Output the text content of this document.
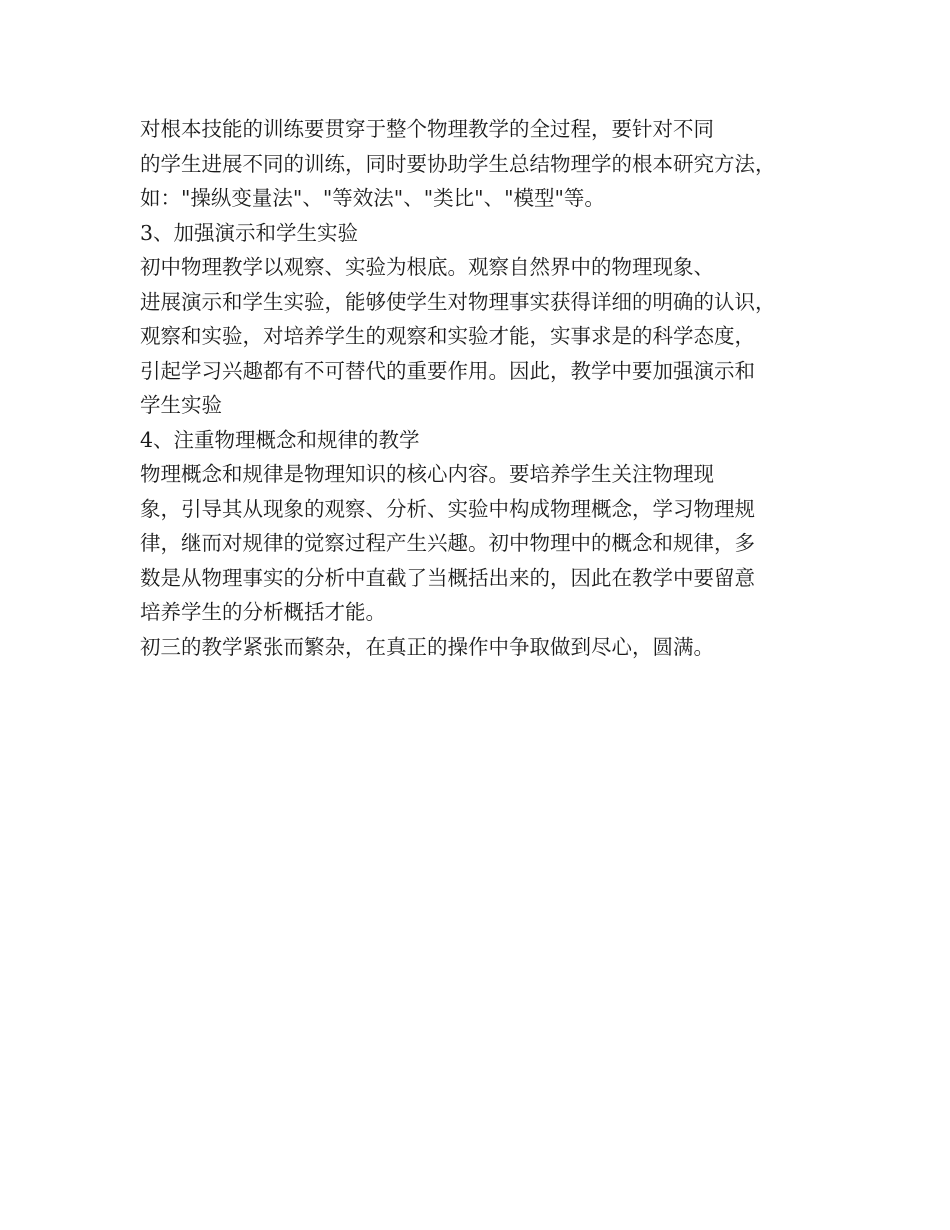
对根本技能的训练要贯穿于整个物理教学的全过程，要针对不同
的学生进展不同的训练，同时要协助学生总结物理学的根本研究方法，
如："操纵变量法"、"等效法"、"类比"、"模型"等。
3、加强演示和学生实验
初中物理教学以观察、实验为根底。观察自然界中的物理现象、
进展演示和学生实验，能够使学生对物理事实获得详细的明确的认识，
观察和实验，对培养学生的观察和实验才能，实事求是的科学态度，
引起学习兴趣都有不可替代的重要作用。因此，教学中要加强演示和
学生实验
4、注重物理概念和规律的教学
物理概念和规律是物理知识的核心内容。要培养学生关注物理现
象，引导其从现象的观察、分析、实验中构成物理概念，学习物理规
律，继而对规律的觉察过程产生兴趣。初中物理中的概念和规律，多
数是从物理事实的分析中直截了当概括出来的，因此在教学中要留意
培养学生的分析概括才能。
初三的教学紧张而繁杂，在真正的操作中争取做到尽心，圆满。
